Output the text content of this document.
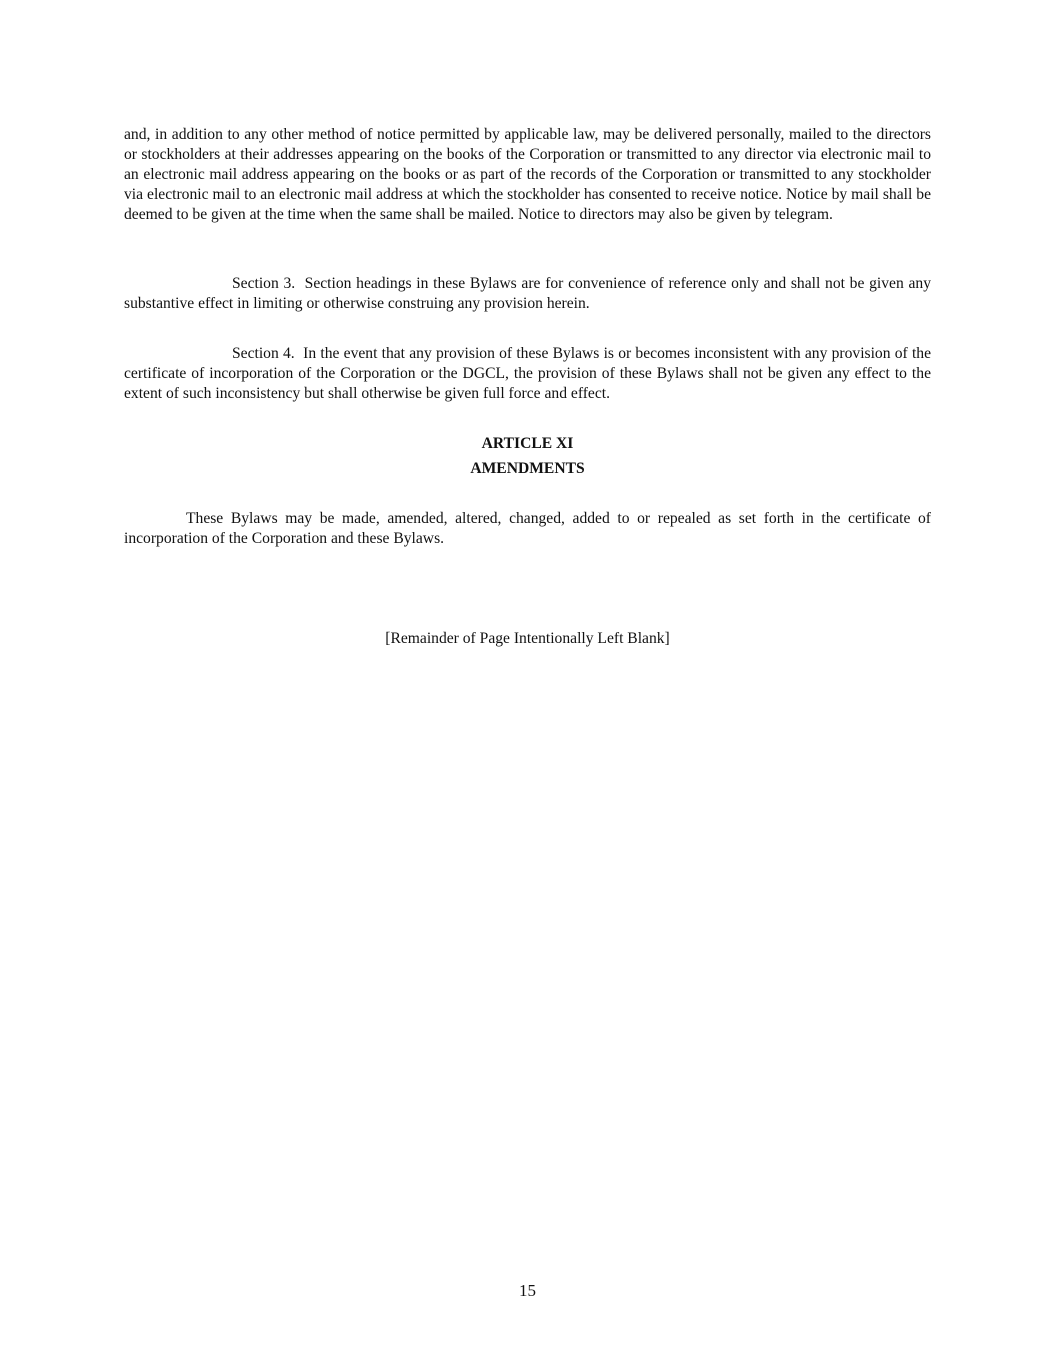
and, in addition to any other method of notice permitted by applicable law, may be delivered personally, mailed to the directors or stockholders at their addresses appearing on the books of the Corporation or transmitted to any director via electronic mail to an electronic mail address appearing on the books or as part of the records of the Corporation or transmitted to any stockholder via electronic mail to an electronic mail address at which the stockholder has consented to receive notice. Notice by mail shall be deemed to be given at the time when the same shall be mailed. Notice to directors may also be given by telegram.

Section 3. Section headings in these Bylaws are for convenience of reference only and shall not be given any substantive effect in limiting or otherwise construing any provision herein.

Section 4. In the event that any provision of these Bylaws is or becomes inconsistent with any provision of the certificate of incorporation of the Corporation or the DGCL, the provision of these Bylaws shall not be given any effect to the extent of such inconsistency but shall otherwise be given full force and effect.

ARTICLE XI

AMENDMENTS

These Bylaws may be made, amended, altered, changed, added to or repealed as set forth in the certificate of incorporation of the Corporation and these Bylaws.

[Remainder of Page Intentionally Left Blank]

15
